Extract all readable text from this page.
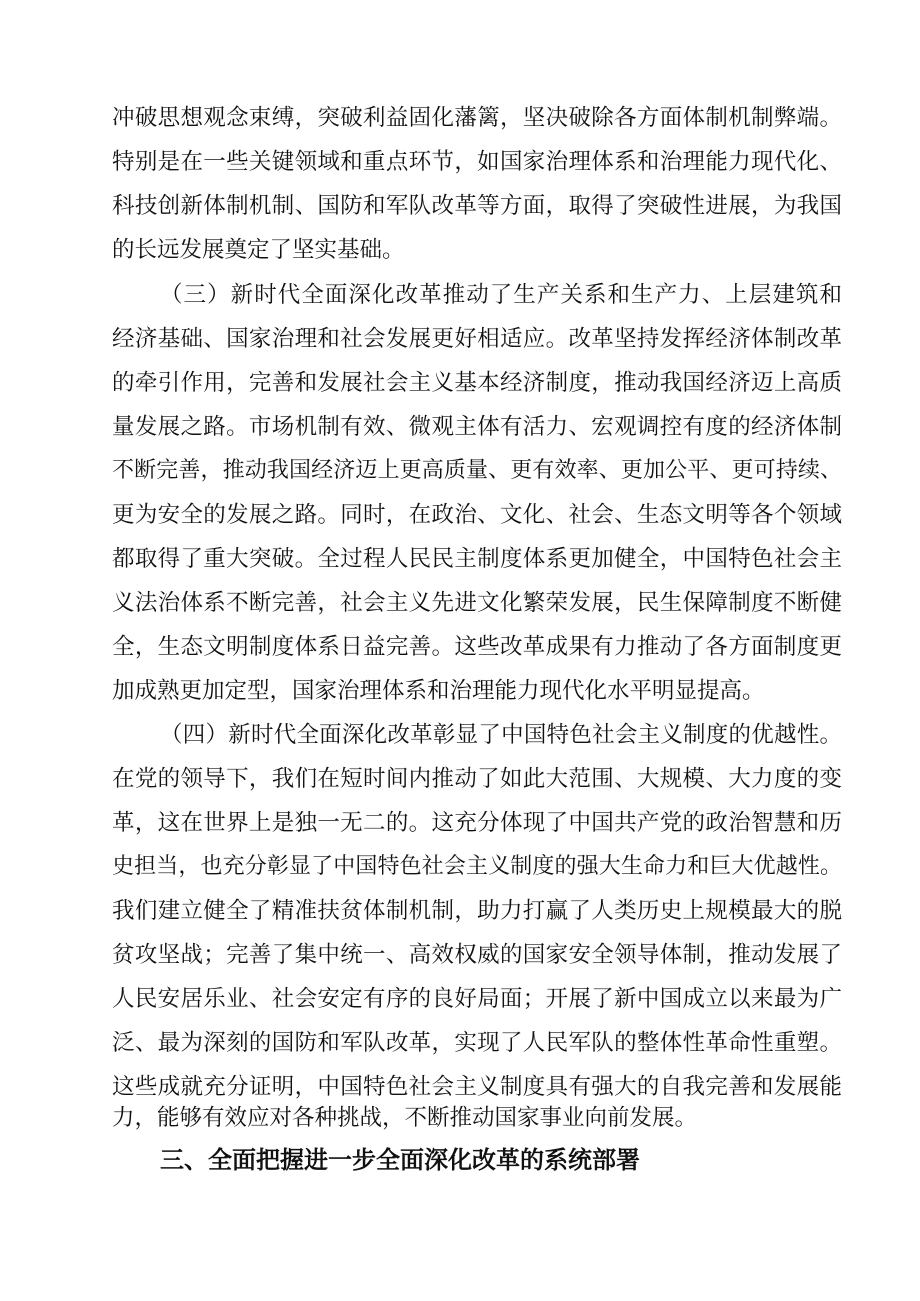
冲破思想观念束缚，突破利益固化藩篱，坚决破除各方面体制机制弊端。
特别是在一些关键领域和重点环节，如国家治理体系和治理能力现代化、
科技创新体制机制、国防和军队改革等方面，取得了突破性进展，为我国
的长远发展奠定了坚实基础。
（三）新时代全面深化改革推动了生产关系和生产力、上层建筑和
经济基础、国家治理和社会发展更好相适应。改革坚持发挥经济体制改革
的牵引作用，完善和发展社会主义基本经济制度，推动我国经济迈上高质
量发展之路。市场机制有效、微观主体有活力、宏观调控有度的经济体制
不断完善，推动我国经济迈上更高质量、更有效率、更加公平、更可持续、
更为安全的发展之路。同时，在政治、文化、社会、生态文明等各个领域
都取得了重大突破。全过程人民民主制度体系更加健全，中国特色社会主
义法治体系不断完善，社会主义先进文化繁荣发展，民生保障制度不断健
全，生态文明制度体系日益完善。这些改革成果有力推动了各方面制度更
加成熟更加定型，国家治理体系和治理能力现代化水平明显提高。
（四）新时代全面深化改革彰显了中国特色社会主义制度的优越性。
在党的领导下，我们在短时间内推动了如此大范围、大规模、大力度的变
革，这在世界上是独一无二的。这充分体现了中国共产党的政治智慧和历
史担当，也充分彰显了中国特色社会主义制度的强大生命力和巨大优越性。
我们建立健全了精准扶贫体制机制，助力打赢了人类历史上规模最大的脱
贫攻坚战；完善了集中统一、高效权威的国家安全领导体制，推动发展了
人民安居乐业、社会安定有序的良好局面；开展了新中国成立以来最为广
泛、最为深刻的国防和军队改革，实现了人民军队的整体性革命性重塑。
这些成就充分证明，中国特色社会主义制度具有强大的自我完善和发展能
力，能够有效应对各种挑战，不断推动国家事业向前发展。
三、全面把握进一步全面深化改革的系统部署
